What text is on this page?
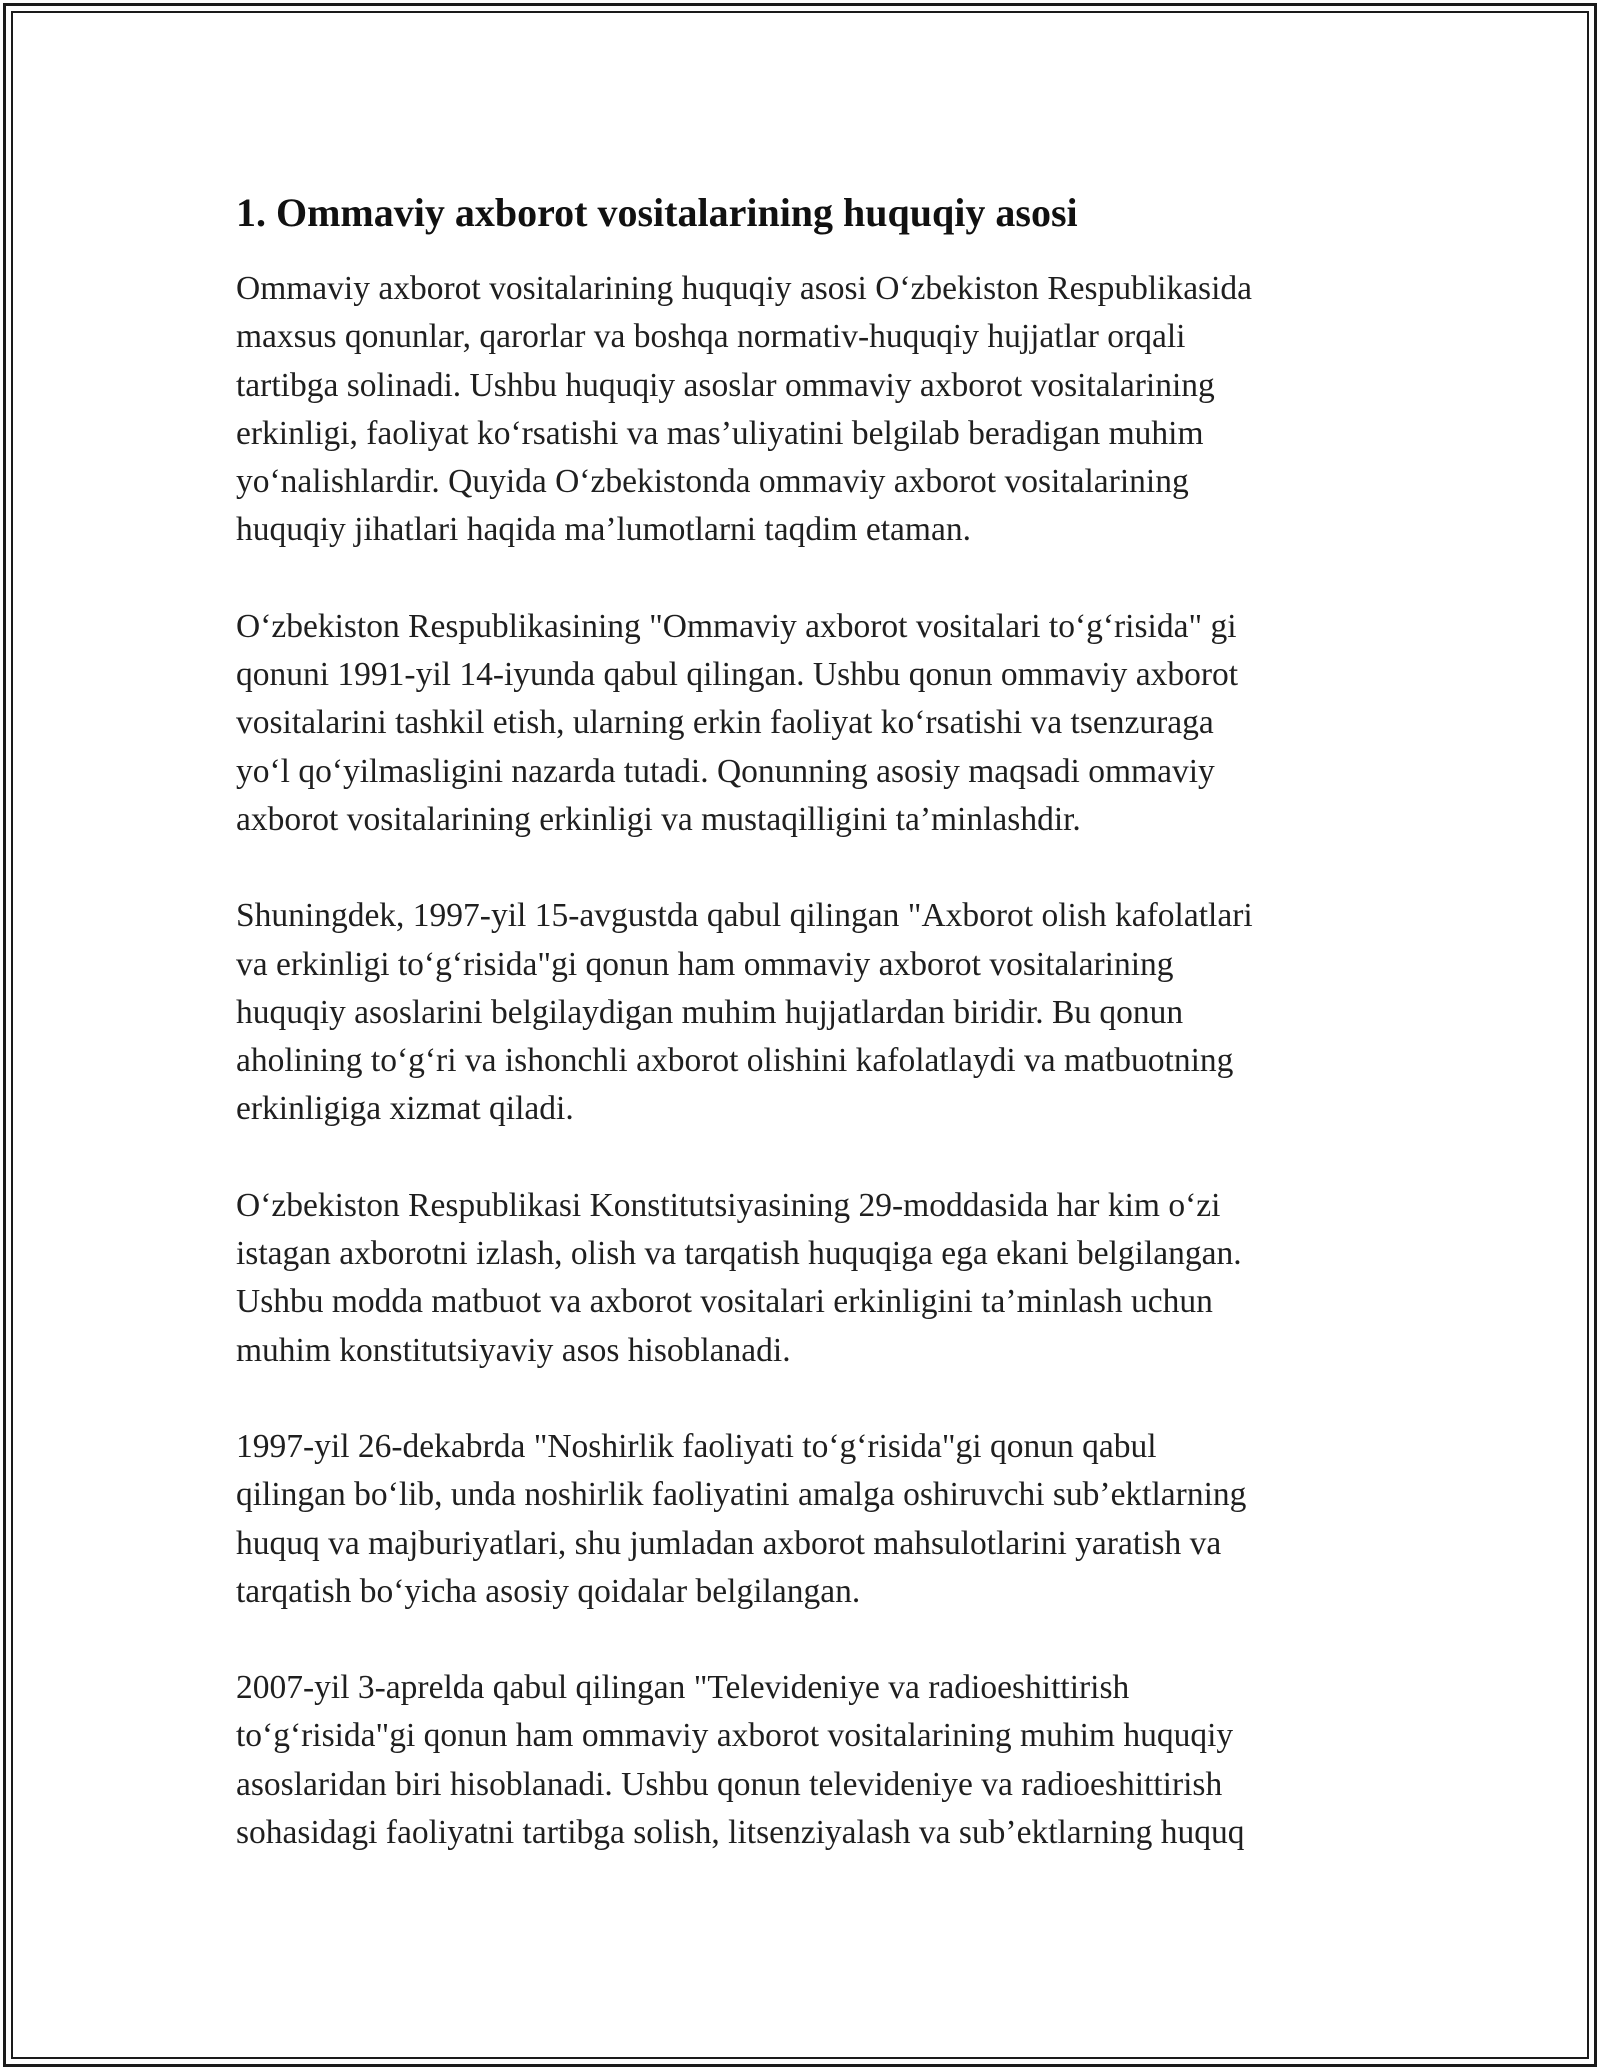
1. Ommaviy axborot vositalarining huquqiy asosi

Ommaviy axborot vositalarining huquqiy asosi O‘zbekiston Respublikasida
maxsus qonunlar, qarorlar va boshqa normativ-huquqiy hujjatlar orqali
tartibga solinadi. Ushbu huquqiy asoslar ommaviy axborot vositalarining
erkinligi, faoliyat ko‘rsatishi va mas’uliyatini belgilab beradigan muhim
yo‘nalishlardir. Quyida O‘zbekistonda ommaviy axborot vositalarining
huquqiy jihatlari haqida ma’lumotlarni taqdim etaman.

O‘zbekiston Respublikasining "Ommaviy axborot vositalari to‘g‘risida" gi
qonuni 1991-yil 14-iyunda qabul qilingan. Ushbu qonun ommaviy axborot
vositalarini tashkil etish, ularning erkin faoliyat ko‘rsatishi va tsenzuraga
yo‘l qo‘yilmasligini nazarda tutadi. Qonunning asosiy maqsadi ommaviy
axborot vositalarining erkinligi va mustaqilligini ta’minlashdir.

Shuningdek, 1997-yil 15-avgustda qabul qilingan "Axborot olish kafolatlari
va erkinligi to‘g‘risida"gi qonun ham ommaviy axborot vositalarining
huquqiy asoslarini belgilaydigan muhim hujjatlardan biridir. Bu qonun
aholining to‘g‘ri va ishonchli axborot olishini kafolatlaydi va matbuotning
erkinligiga xizmat qiladi.

O‘zbekiston Respublikasi Konstitutsiyasining 29-moddasida har kim o‘zi
istagan axborotni izlash, olish va tarqatish huquqiga ega ekani belgilangan.
Ushbu modda matbuot va axborot vositalari erkinligini ta’minlash uchun
muhim konstitutsiyaviy asos hisoblanadi.

1997-yil 26-dekabrda "Noshirlik faoliyati to‘g‘risida"gi qonun qabul
qilingan bo‘lib, unda noshirlik faoliyatini amalga oshiruvchi sub’ektlarning
huquq va majburiyatlari, shu jumladan axborot mahsulotlarini yaratish va
tarqatish bo‘yicha asosiy qoidalar belgilangan.

2007-yil 3-aprelda qabul qilingan "Televideniye va radioeshittirish
to‘g‘risida"gi qonun ham ommaviy axborot vositalarining muhim huquqiy
asoslaridan biri hisoblanadi. Ushbu qonun televideniye va radioeshittirish
sohasidagi faoliyatni tartibga solish, litsenziyalash va sub’ektlarning huquq
